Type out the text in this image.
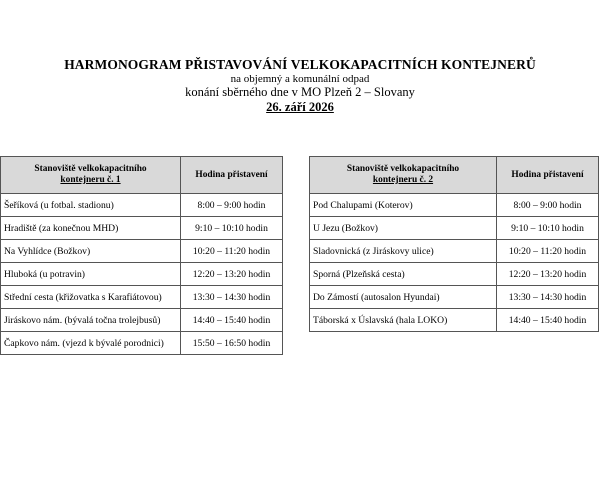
HARMONOGRAM PŘISTAVOVÁNÍ VELKOKAPACITNÍCH KONTEJNERŮ
na objemný a komunální odpad
konání sběrného dne v MO Plzeň 2 – Slovany
26. září 2026
Stanoviště velkokapacitního
kontejneru č. 1	Hodina přistavení
Šeříková (u fotbal. stadionu)	8:00 – 9:00 hodin
Hradiště (za konečnou MHD)	9:10 – 10:10 hodin
Na Vyhlídce (Božkov)	10:20 – 11:20 hodin
Hluboká (u potravin)	12:20 – 13:20 hodin
Střední cesta (křižovatka s Karafiátovou)	13:30 – 14:30 hodin
Jiráskovo nám. (bývalá točna trolejbusů)	14:40 – 15:40 hodin
Čapkovo nám. (vjezd k bývalé porodnici)	15:50 – 16:50 hodin
Stanoviště velkokapacitního
kontejneru č. 2	Hodina přistavení
Pod Chalupami (Koterov)	8:00 – 9:00 hodin
U Jezu (Božkov)	9:10 – 10:10 hodin
Sladovnická (z Jiráskovy ulice)	10:20 – 11:20 hodin
Sporná (Plzeňská cesta)	12:20 – 13:20 hodin
Do Zámostí (autosalon Hyundai)	13:30 – 14:30 hodin
Táborská x Úslavská (hala LOKO)	14:40 – 15:40 hodin
